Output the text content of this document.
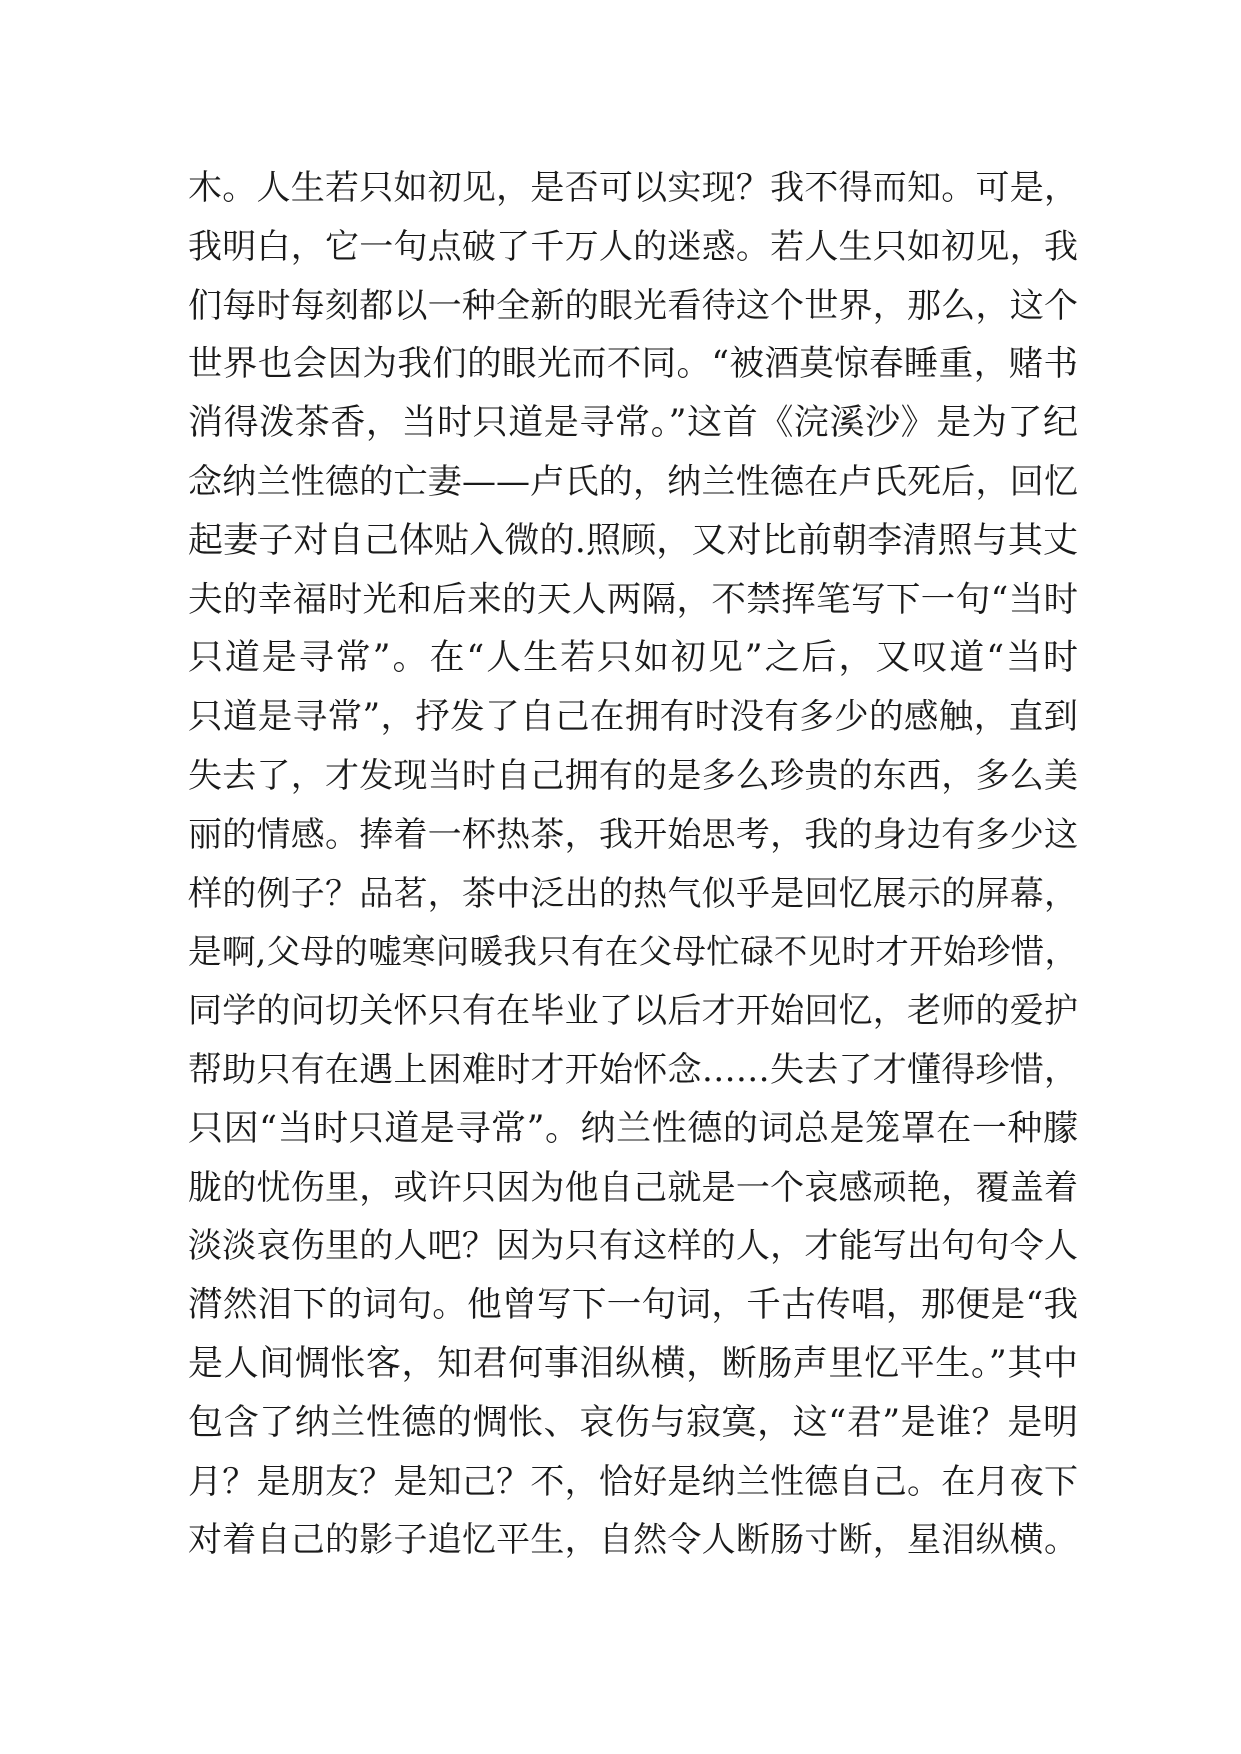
木。人生若只如初见，是否可以实现？我不得而知。可是，
我明白，它一句点破了千万人的迷惑。若人生只如初见，我
们每时每刻都以一种全新的眼光看待这个世界，那么，这个
世界也会因为我们的眼光而不同。“被酒莫惊春睡重，赌书
消得泼茶香，当时只道是寻常。”这首《浣溪沙》是为了纪
念纳兰性德的亡妻——卢氏的，纳兰性德在卢氏死后，回忆
起妻子对自己体贴入微的.照顾，又对比前朝李清照与其丈
夫的幸福时光和后来的天人两隔，不禁挥笔写下一句“当时
只道是寻常”。在“人生若只如初见”之后，又叹道“当时
只道是寻常”，抒发了自己在拥有时没有多少的感触，直到
失去了，才发现当时自己拥有的是多么珍贵的东西，多么美
丽的情感。捧着一杯热茶，我开始思考，我的身边有多少这
样的例子？品茗，茶中泛出的热气似乎是回忆展示的屏幕，
是啊,父母的嘘寒问暖我只有在父母忙碌不见时才开始珍惜，
同学的问切关怀只有在毕业了以后才开始回忆，老师的爱护
帮助只有在遇上困难时才开始怀念……失去了才懂得珍惜，
只因“当时只道是寻常”。纳兰性德的词总是笼罩在一种朦
胧的忧伤里，或许只因为他自己就是一个哀感顽艳，覆盖着
淡淡哀伤里的人吧？因为只有这样的人，才能写出句句令人
潸然泪下的词句。他曾写下一句词，千古传唱，那便是“我
是人间惆怅客，知君何事泪纵横，断肠声里忆平生。”其中
包含了纳兰性德的惆怅、哀伤与寂寞，这“君”是谁？是明
月？是朋友？是知己？不，恰好是纳兰性德自己。在月夜下
对着自己的影子追忆平生，自然令人断肠寸断，星泪纵横。
